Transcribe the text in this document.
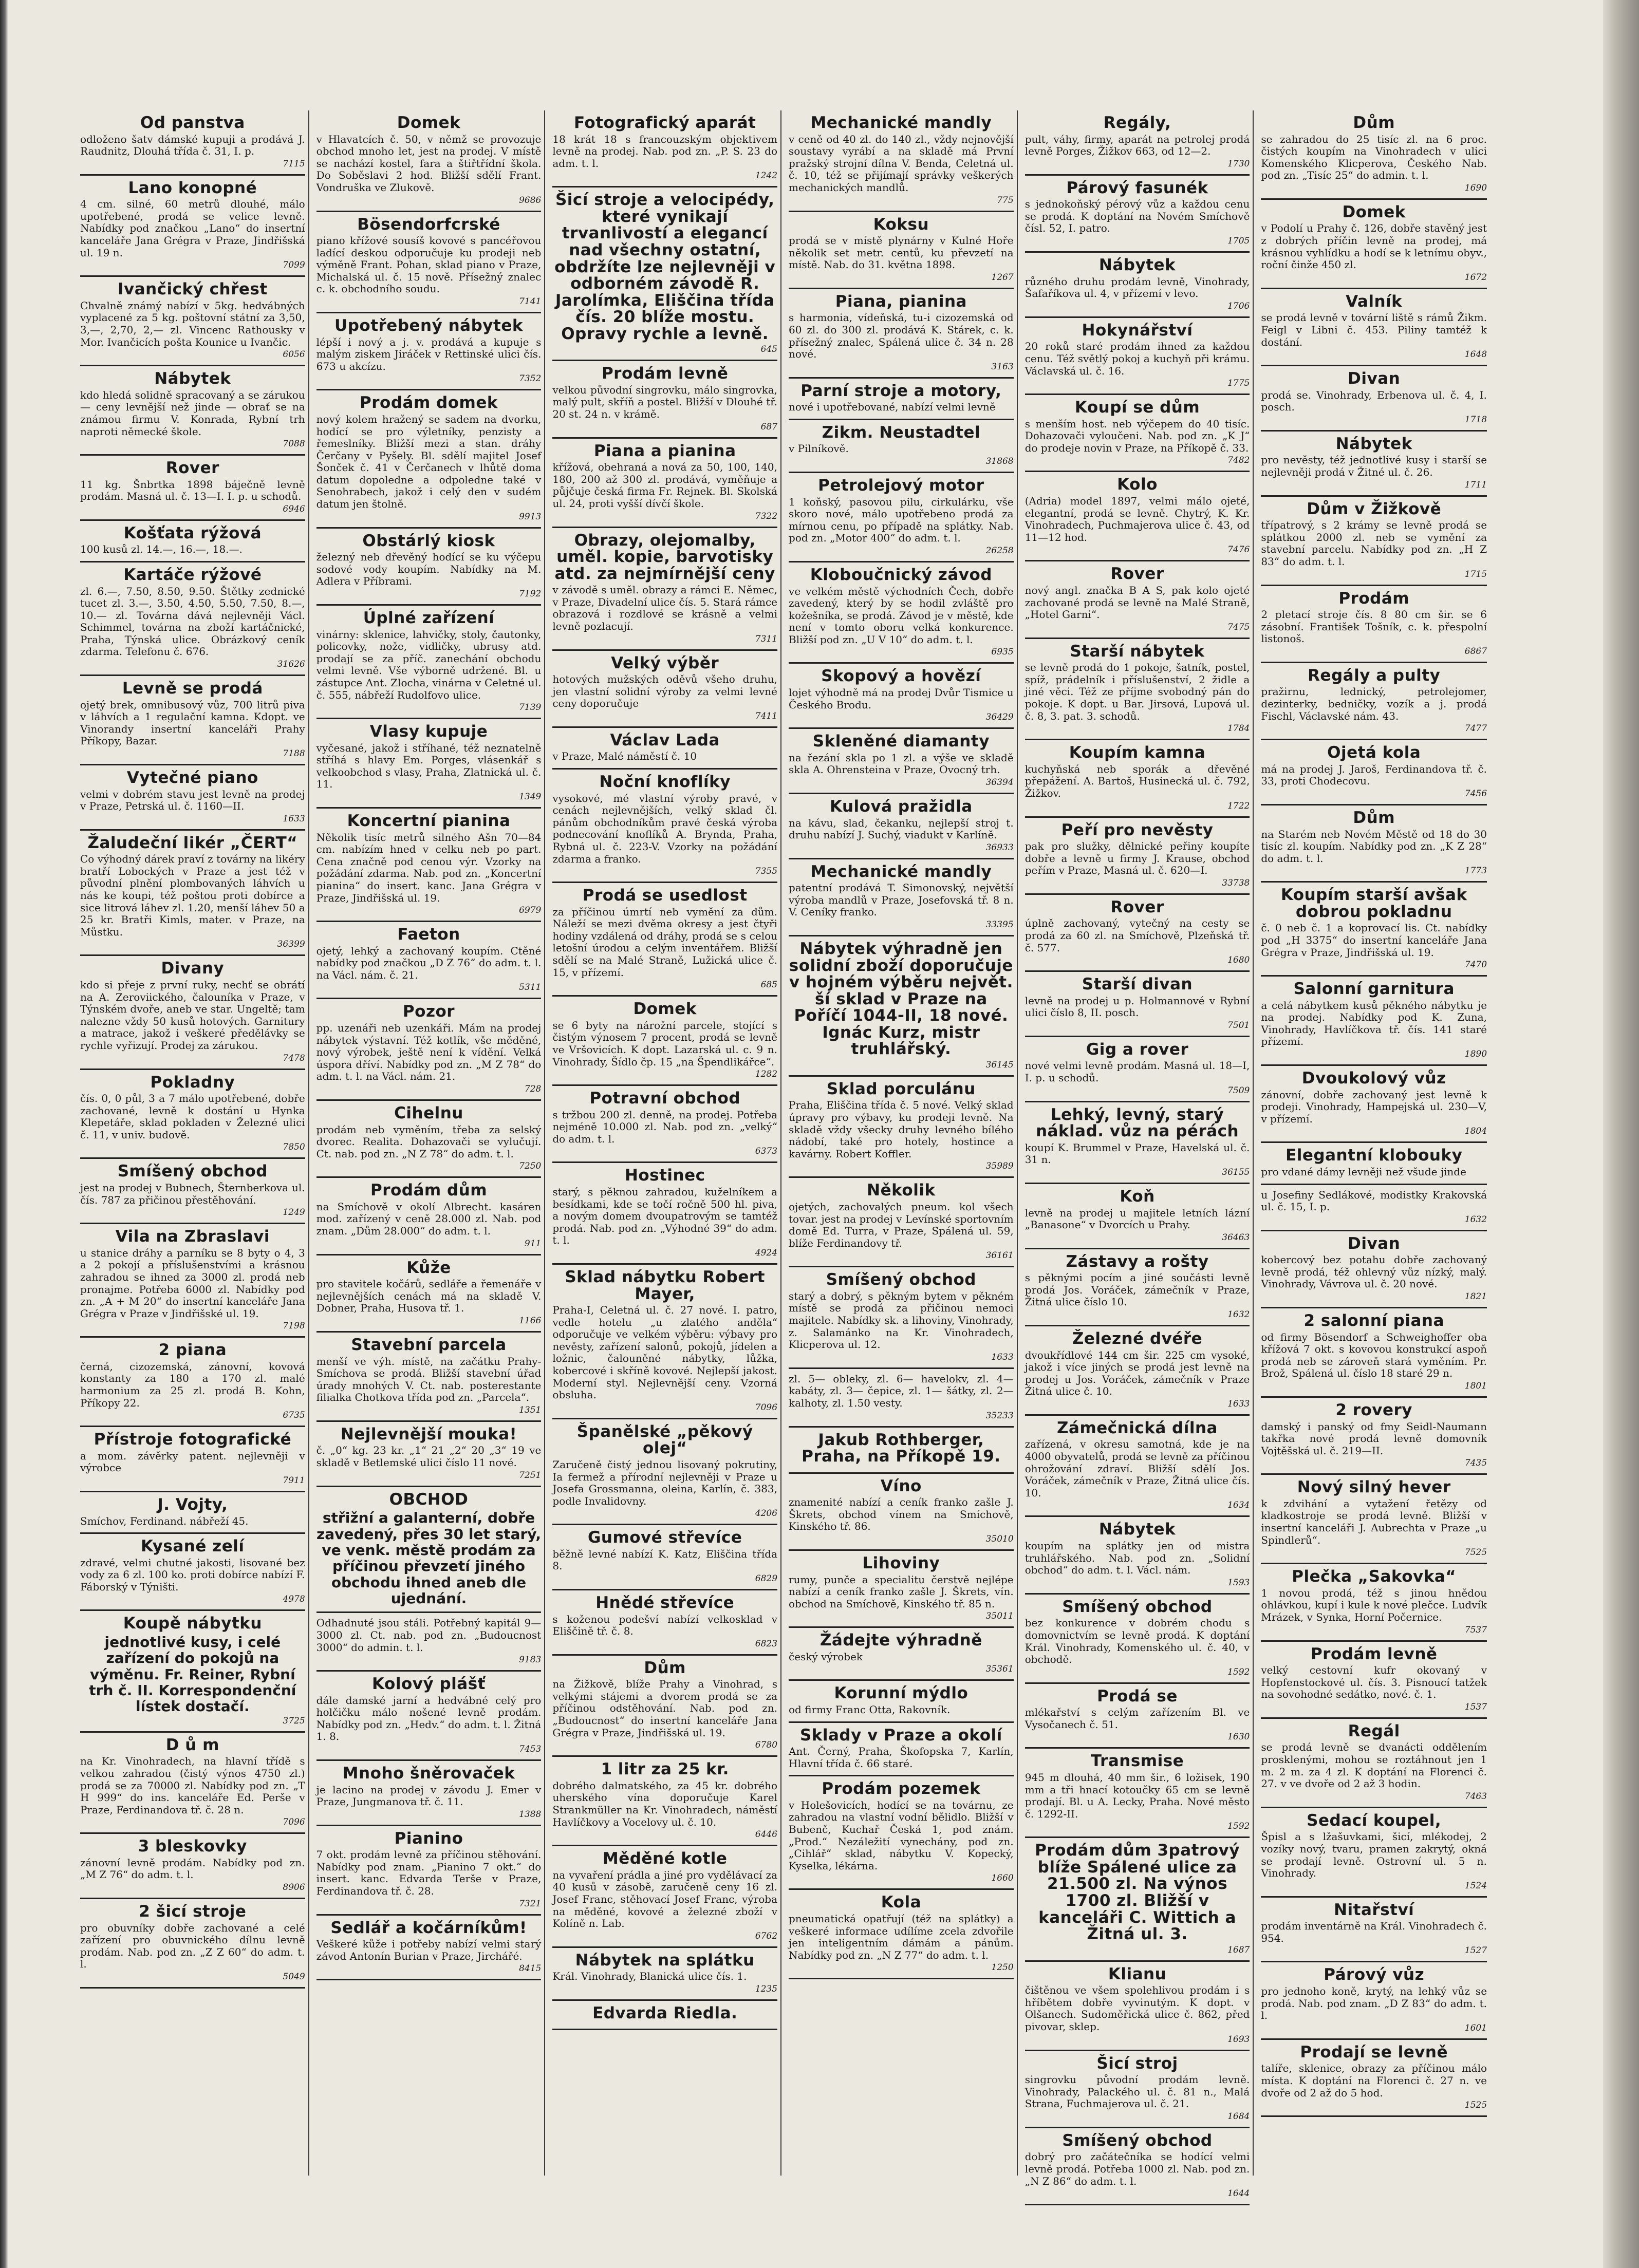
Od panstva
odloženo šatv dámské kupuji a prodává J. Raudnitz, Dlouhá třída č. 31, I. p.
7115
Lano konopné
4 cm. silné, 60 metrů dlouhé, málo upotřebené, prodá se velice levně. Nabídky pod značkou „Lano“ do insertní kanceláře Jana Grégra v Praze, Jindřišská ul. 19 n.
7099
Ivančický chřest
Chvalně známý nabízí v 5kg. hedvábných vyplacené za 5 kg. poštovní státní za 3,50, 3,—, 2,70, 2,— zl. Vincenc Rathousky v Mor. Ivančicích pošta Kounice u Ivančic.
6056
Nábytek
kdo hledá solidně spracovaný a se zárukou — ceny levnější než jinde — obrať se na známou firmu V. Konrada, Rybní trh naproti německé škole.
7088
Rover
11 kg. Šnbrtka 1898 báječně levně prodám. Masná ul. č. 13—I. I. p. u schodů.
6946
Košťata rýžová
100 kusů zl. 14.—, 16.—, 18.—.
Kartáče rýžové
zl. 6.—, 7.50, 8.50, 9.50. Štětky zednické tucet zl. 3.—, 3.50, 4.50, 5.50, 7.50, 8.—, 10.— zl. Továrna dává nejlevněji Václ. Schimmel, továrna na zboží kartáčnické, Praha, Týnská ulice. Obrázkový ceník zdarma. Telefonu č. 676.
31626
Levně se prodá
ojetý brek, omnibusový vůz, 700 litrů piva v láhvích a 1 regulační kamna. Kdopt. ve Vinorandy insertní kanceláři Prahy Příkopy, Bazar.
7188
Vytečné piano
velmi v dobrém stavu jest levně na prodej v Praze, Petrská ul. č. 1160—II.
1633
Žaludeční likér „ČERT“
Co výhodný dárek praví z továrny na likéry bratří Lobockých v Praze a jest též v původní plnění plombovaných láhvích u nás ke koupi, též poštou proti dobírce a sice litrová láhev zl. 1.20, menší láhev 50 a 25 kr. Bratři Kimls, mater. v Praze, na Můstku.
36399
Divany
kdo si přeje z první ruky, nechť se obrátí na A. Zeroviického, čalouníka v Praze, v Týnském dvoře, aneb ve star. Ungeltě; tam nalezne vždy 50 kusů hotových. Garnitury a matrace, jakož i veškeré předělávky se rychle vyřizují. Prodej za zárukou.
7478
Pokladny
čís. 0, 0 půl, 3 a 7 málo upotřebené, dobře zachované, levně k dostání u Hynka Klepetáře, sklad pokladen v Železné ulici č. 11, v univ. budově.
7850
Smíšený obchod
jest na prodej v Bubnech, Šternberkova ul. čís. 787 za přičinou přestěhování.
1249
Vila na Zbraslavi
u stanice dráhy a parníku se 8 byty o 4, 3 a 2 pokojí a příslušenstvími a krásnou zahradou se ihned za 3000 zl. prodá neb pronajme. Potřeba 6000 zl. Nabídky pod zn. „A + M 20“ do insertní kanceláře Jana Grégra v Praze v Jindřišské ul. 19.
7198
2 piana
černá, cizozemská, zánovní, kovová konstanty za 180 a 170 zl. malé harmonium za 25 zl. prodá B. Kohn, Příkopy 22.
6735
Přístroje fotografické
a mom. závěrky patent. nejlevněji v výrobce
7911
J. Vojty,
Smíchov, Ferdinand. nábřeží 45.
Kysané zelí
zdravé, velmi chutné jakosti, lisované bez vody za 6 zl. 100 ko. proti dobírce nabízí F. Fáborský v Týništi.
4978
Koupě nábytku
jednotlivé kusy, i celé zařízení do pokojů na výměnu. Fr. Reiner, Rybní trh č. II. Korrespondenční lístek dostačí.
3725
D ů m
na Kr. Vinohradech, na hlavní třídě s velkou zahradou (čistý výnos 4750 zl.) prodá se za 70000 zl. Nabídky pod zn. „T H 999“ do ins. kanceláře Ed. Perše v Praze, Ferdinandova tř. č. 28 n.
7096
3 bleskovky
zánovní levně prodám. Nabídky pod zn. „M Z 76“ do adm. t. l.
8906
2 šicí stroje
pro obuvníky dobře zachované a celé zařízení pro obuvnického dílnu levně prodám. Nab. pod zn. „Z Z 60“ do adm. t. l.
5049
Domek
v Hlavatcích č. 50, v němž se provozuje obchod mnoho let, jest na prodej. V místě se nachází kostel, fara a štiřtřídní škola. Do Soběslavi 2 hod. Bližší sdělí Frant. Vondruška ve Zlukově.
9686
Bösendorfcrské
piano křížové sousíš kovové s pancéřovou ladící deskou odporučuje ku prodeji neb výměně Frant. Pohan, sklad piano v Praze, Michalská ul. č. 15 nově. Přísežný znalec c. k. obchodního soudu.
7141
Upotřebený nábytek
lépší i nový a j. v. prodává a kupuje s malým ziskem Jiráček v Rettinské ulici čís. 673 u akcízu.
7352
Prodám domek
nový kolem hražený se sadem na dvorku, hodící se pro výletníky, penzisty a řemeslníky. Bližší mezi a stan. dráhy Čerčany v Pyšely. Bl. sdělí majitel Josef Šonček č. 41 v Čerčanech v lhůtě doma datum dopoledne a odpoledne také v Senohrabech, jakož i celý den v sudém datum jen štolně.
9913
Obstárlý kiosk
železný neb dřevěný hodící se ku výčepu sodové vody koupím. Nabídky na M. Adlera v Příbrami.
7192
Úplné zařízení
vinárny: sklenice, lahvičky, stoly, čautonky, policovky, nože, vidličky, ubrusy atd. prodají se za příč. zanechání obchodu velmi levně. Vše výborně udržené. Bl. u zástupce Ant. Zlocha, vinárna v Celetné ul. č. 555, nábřeží Rudolfovo ulice.
7139
Vlasy kupuje
vyčesané, jakož i stříhané, též neznatelně stříhá s hlavy Em. Porges, vlásenkář s velkoobchod s vlasy, Praha, Zlatnická ul. č. 11.
1349
Koncertní pianina
Několik tisíc metrů silného Ašn 70—84 cm. nabízím hned v celku neb po part. Cena značně pod cenou výr. Vzorky na požádání zdarma. Nab. pod zn. „Koncertní pianina“ do insert. kanc. Jana Grégra v Praze, Jindřišská ul. 19.
6979
Faeton
ojetý, lehký a zachovaný koupím. Ctěné nabídky pod značkou „D Z 76“ do adm. t. l. na Václ. nám. č. 21.
5311
Pozor
pp. uzenáři neb uzenkáři. Mám na prodej nábytek výstavní. Též kotlík, vše měděné, nový výrobek, ještě není k vídění. Velká úspora dříví. Nabídky pod zn. „M Z 78“ do adm. t. l. na Václ. nám. 21.
728
Cihelnu
prodám neb vyměním, třeba za selský dvorec. Realita. Dohazovači se vylučují. Ct. nab. pod zn. „N Z 78“ do adm. t. l.
7250
Prodám dům
na Smíchově v okolí Albrecht. kasáren mod. zařízený v ceně 28.000 zl. Nab. pod znam. „Dům 28.000“ do adm. t. l.
911
Kůže
pro stavitele kočárů, sedláře a řemenáře v nejlevnějších cenách má na skladě V. Dobner, Praha, Husova tř. 1.
1166
Stavební parcela
menší ve výh. místě, na začátku Prahy-Smíchova se prodá. Bližší stavební úřad úrady mnohých V. Ct. nab. posterestante filialka Chotkova třída pod zn. „Parcela“.
1351
Nejlevnější mouka!
č. „0“ kg. 23 kr. „1“ 21 „2“ 20 „3“ 19 ve skladě v Betlemské ulici číslo 11 nové.
7251
OBCHOD
střižní a galanterní, dobře zavedený, přes 30 let starý, ve venk. městě prodám za příčinou převzetí jiného obchodu ihned aneb dle ujednání.
Odhadnuté jsou stáli. Potřebný kapitál 9—3000 zl. Ct. nab. pod zn. „Budoucnost 3000“ do admin. t. l.
9183
Kolový plášť
dále damské jarní a hedvábné celý pro holčičku málo nošené levně prodám. Nabídky pod zn. „Hedv.“ do adm. t. l. Žitná 1. 8.
7453
Mnoho šněrovaček
je lacino na prodej v závodu J. Emer v Praze, Jungmanova tř. č. 11.
1388
Pianino
7 okt. prodám levně za příčinou stěhování. Nabídky pod znam. „Pianino 7 okt.“ do insert. kanc. Edvarda Terše v Praze, Ferdinandova tř. č. 28.
7321
Sedlář a kočárníkům!
Veškeré kůže i potřeby nabízí velmi starý závod Antonín Burian v Praze, Jirchářé.
8415
Fotografický aparát
18 krát 18 s francouzským objektivem levně na prodej. Nab. pod zn. „P. S. 23 do adm. t. l.
1242
Šicí stroje a velocipédy, které vynikají trvanlivostí a elegancí nad všechny ostatní, obdržíte lze nejlevněji v odborném závodě R. Jarolímka, Eliščina třída čís. 20 blíže mostu. Opravy rychle a levně.
645
Prodám levně
velkou původní singrovku, málo singrovka, malý pult, skříň a postel. Bližší v Dlouhé tř. 20 st. 24 n. v krámě.
687
Piana a pianina
křížová, obehraná a nová za 50, 100, 140, 180, 200 až 300 zl. prodává, vyměňuje a půjčuje česká firma Fr. Rejnek. Bl. Skolská ul. 24, proti vyšší dívčí škole.
7322
Obrazy, olejomalby, uměl. kopie, barvotisky atd. za nejmírnější ceny
v závodě s uměl. obrazy a rámci E. Němec, v Praze, Divadelní ulice čís. 5. Stará rámce obrazová i rozdlové se krásně a velmi levně pozlacují.
7311
Velký výběr
hotových mužských oděvů všeho druhu, jen vlastní solidní výroby za velmi levné ceny doporučuje
7411
Václav Lada
v Praze, Malé náměstí č. 10
Noční knoflíky
vysokové, mé vlastní výroby pravé, v cenách nejlevnějších, velký sklad čl. pánům obchodníkům pravé česká výroba podnecování knoflíků A. Brynda, Praha, Rybná ul. č. 223-V. Vzorky na požádání zdarma a franko.
7355
Prodá se usedlost
za příčinou úmrtí neb vymění za dům. Náleží se mezi dvěma okresy a jest čtyři hodiny vzdálená od dráhy, prodá se s celou letošní úrodou a celým inventářem. Bližší sdělí se na Malé Straně, Lužická ulice č. 15, v přízemí.
685
Domek
se 6 byty na nárožní parcele, stojící s čistým výnosem 7 procent, prodá se levně ve Vršovicích. K dopt. Lazarská ul. c. 9 n. Vinohrady, Šídlo čp. 15 „na Špendlikářce“.
1282
Potravní obchod
s tržbou 200 zl. denně, na prodej. Potřeba nejméně 10.000 zl. Nab. pod zn. „velký“ do adm. t. l.
6373
Hostinec
starý, s pěknou zahradou, kuželníkem a besídkami, kde se točí ročně 500 hl. piva, a novým domem dvoupatrovým se tamtéž prodá. Nab. pod zn. „Výhodné 39“ do adm. t. l.
4924
Sklad nábytku Robert Mayer,
Praha-I, Celetná ul. č. 27 nové. I. patro, vedle hotelu „u zlatého anděla“ odporučuje ve velkém výběru: výbavy pro nevěsty, zařízení salonů, pokojů, jídelen a ložnic, čalouněné nábytky, lůžka, kobercové i skříně kovové. Nejlepší jakost. Moderní styl. Nejlevnější ceny. Vzorná obsluha.
7096
Španělské „pěkový olej“
Zaručeně čistý jednou lisovaný pokrutiny, Ia fermež a přírodní nejlevněji v Praze u Josefa Grossmanna, oleina, Karlín, č. 383, podle Invalidovny.
4206
Gumové střevíce
běžně levné nabízí K. Katz, Eliščina třída 8.
6829
Hnědé střevíce
s koženou podešví nabízí velkosklad v Eliščině tř. č. 8.
6823
Dům
na Žižkově, blíže Prahy a Vinohrad, s velkými stájemi a dvorem prodá se za příčinou odstěhování. Nab. pod zn. „Budoucnost“ do insertní kanceláře Jana Grégra v Praze, Jindřišská ul. 19.
6780
1 litr za 25 kr.
dobrého dalmatského, za 45 kr. dobrého uherského vína doporučuje Karel Strankmüller na Kr. Vinohradech, náměstí Havlíčkovy a Vocelovy ul. č. 10.
6446
Měděné kotle
na vyvaření prádla a jiné pro vydělávací za 40 kusů v zásobě, zaručeně ceny 16 zl. Josef Franc, stěhovací Josef Franc, výroba na měděné, kovové a železné zboží v Kolíně n. Lab.
6762
Nábytek na splátku
Král. Vinohrady, Blanická ulice čís. 1.
1235
Edvarda Riedla.
Mechanické mandly
v ceně od 40 zl. do 140 zl., vždy nejnovější soustavy vyrábí a na skladě má První pražský strojní dílna V. Benda, Celetná ul. č. 10, též se přijímají správky veškerých mechanických mandlů.
775
Koksu
prodá se v místě plynárny v Kulné Hoře několik set metr. centů, ku převzetí na místě. Nab. do 31. května 1898.
1267
Piana, pianina
s harmonia, vídeňská, tu-i cizozemská od 60 zl. do 300 zl. prodává K. Stárek, c. k. přísežný znalec, Spálená ulice č. 34 n. 28 nové.
3163
Parní stroje a motory,
nové i upotřebované, nabízí velmi levně
Zikm. Neustadtel
v Pilníkově.
31868
Petrolejový motor
1 koňský, pasovou pilu, cirkulárku, vše skoro nové, málo upotřebeno prodá za mírnou cenu, po případě na splátky. Nab. pod zn. „Motor 400“ do adm. t. l.
26258
Kloboučnický závod
ve velkém městě východních Čech, dobře zavedený, který by se hodil zvláště pro kožešníka, se prodá. Závod je v městě, kde není v tomto oboru velká konkurence. Bližší pod zn. „U V 10“ do adm. t. l.
6935
Skopový a hovězí
lojet výhodně má na prodej Dvůr Tismice u Českého Brodu.
36429
Skleněné diamanty
na řezání skla po 1 zl. a výše ve skladě skla A. Ohrensteina v Praze, Ovocný trh.
36394
Kulová pražidla
na kávu, slad, čekanku, nejlepší stroj t. druhu nabízí J. Suchý, viadukt v Karlíně.
36933
Mechanické mandly
patentní prodává T. Simonovský, největší výroba mandlů v Praze, Josefovská tř. 8 n. V. Ceníky franko.
33395
Nábytek výhradně jen solidní zboží doporučuje v hojném výběru největ. ší sklad v Praze na Poříčí 1044-II, 18 nové. Ignác Kurz, mistr truhlářský.
36145
Sklad porculánu
Praha, Eliščina třída č. 5 nové. Velký sklad úpravy pro výbavy, ku prodeji levně. Na skladě vždy všecky druhy levného bílého nádobí, také pro hotely, hostince a kavárny. Robert Koffler.
35989
Několik
ojetých, zachovalých pneum. kol všech tovar. jest na prodej v Levínské sportovním domě Ed. Turra, v Praze, Spálená ul. 59, blíže Ferdinandovy tř.
36161
Smíšený obchod
starý a dobrý, s pěkným bytem v pěkném místě se prodá za přičinou nemoci majitele. Nabídky sk. a lihoviny, Vinohrady, z. Salamánko na Kr. Vinohradech, Klicperova ul. 12.
1633
zl. 5— obleky, zl. 6— havelokv, zl. 4— kabáty, zl. 3— čepice, zl. 1— šátky, zl. 2— kalhoty, zl. 1.50 vesty.
35233
Jakub Rothberger, Praha, na Příkopě 19.
Víno
znamenité nabízí a ceník franko zašle J. Škrets, obchod vínem na Smíchově, Kinského tř. 86.
35010
Lihoviny
rumy, punče a specialitu čerstvě nejlépe nabízí a ceník franko zašle J. Škrets, vín. obchod na Smíchově, Kinského tř. 85 n.
35011
Žádejte výhradně
český výrobek
35361
Korunní mýdlo
od firmy Franc Otta, Rakovník.
Sklady v Praze a okolí
Ant. Černý, Praha, Škofopska 7, Karlín, Hlavní třída č. 66 staré.
Prodám pozemek
v Holešovicích, hodící se na továrnu, ze zahradou na vlastní vodní bělidlo. Bližší v Bubenč, Kuchař Česká 1, pod znám. „Prod.“ Nezáležití vynechány, pod zn. „Cihlář“ sklad, nábytku V. Kopecký, Kyselka, lékárna.
1660
Kola
pneumatická opatřují (též na splátky) a veškeré informace udílíme zcela zdvořile jen inteligentním dámám a pánům. Nabídky pod zn. „N Z 77“ do adm. t. l.
1250
Regály,
pult, váhy, firmy, aparát na petrolej prodá levně Porges, Žižkov 663, od 12—2.
1730
Párový fasunék
s jednokoňský pérový vůz a každou cenu se prodá. K doptání na Novém Smíchově čísl. 52, I. patro.
1705
Nábytek
různého druhu prodám levně, Vinohrady, Šafaříkova ul. 4, v přízemí v levo.
1706
Hokynářství
20 roků staré prodám ihned za každou cenu. Též světlý pokoj a kuchyň při krámu. Václavská ul. č. 16.
1775
Koupí se dům
s menším host. neb výčepem do 40 tisíc. Dohazovači vyloučeni. Nab. pod zn. „K J“ do prodeje novin v Praze, na Příkopě č. 33.
7482
Kolo
(Adria) model 1897, velmi málo ojeté, elegantní, prodá se levně. Chytrý, K. Kr. Vinohradech, Puchmajerova ulice č. 43, od 11—12 hod.
7476
Rover
nový angl. značka B A S, pak kolo ojeté zachované prodá se levně na Malé Straně, „Hotel Garni“.
7475
Starší nábytek
se levně prodá do 1 pokoje, šatník, postel, spíž, prádelník i příslušenství, 2 židle a jiné věci. Též ze příjme svobodný pán do pokoje. K dopt. u Bar. Jirsová, Lupová ul. č. 8, 3. pat. 3. schodů.
1784
Koupím kamna
kuchyňská neb sporák a dřevěné přepážení. A. Bartoš, Husinecká ul. č. 792, Žižkov.
1722
Peří pro nevěsty
pak pro služky, dělnické peřiny koupíte dobře a levně u firmy J. Krause, obchod peřím v Praze, Masná ul. č. 620—I.
33738
Rover
úplně zachovaný, vytečný na cesty se prodá za 60 zl. na Smíchově, Plzeňská tř. č. 577.
1680
Starší divan
levně na prodej u p. Holmannové v Rybní ulici číslo 8, II. posch.
7501
Gig a rover
nové velmi levně prodám. Masná ul. 18—I, I. p. u schodů.
7509
Lehký, levný, starý náklad. vůz na pérách
koupí K. Brummel v Praze, Havelská ul. č. 31 n.
36155
Koň
levně na prodej u majitele letních lázní „Banasone“ v Dvorcích u Prahy.
36463
Zástavy a rošty
s pěknými pocím a jiné součásti levně prodá Jos. Voráček, zámečník v Praze, Žitná ulice číslo 10.
1632
Železné dvéře
dvoukřídlové 144 cm šir. 225 cm vysoké, jakož i více jiných se prodá jest levně na prodej u Jos. Voráček, zámečník v Praze Žitná ulice č. 10.
1633
Zámečnická dílna
zařízená, v okresu samotná, kde je na 4000 obyvatelů, prodá se levně za příčinou ohrožování zdraví. Bližší sdělí Jos. Voráček, zámečník v Praze, Žitná ulice čís. 10.
1634
Nábytek
koupím na splátky jen od mistra truhlářského. Nab. pod zn. „Solidní obchod“ do adm. t. l. Václ. nám.
1593
Smíšený obchod
bez konkurence v dobrém chodu s domovnictvím se levně prodá. K doptání Král. Vinohrady, Komenského ul. č. 40, v obchodě.
1592
Prodá se
mlékařství s celým zařízením Bl. ve Vysočanech č. 51.
1630
Transmise
945 m dlouhá, 40 mm šir., 6 ložisek, 190 mm a tři hnací kotoučky 65 cm se levně prodají. Bl. u A. Lecky, Praha. Nové město č. 1292-II.
1592
Prodám dům 3patrový blíže Spálené ulice za 21.500 zl. Na výnos 1700 zl. Bližší v kanceláři C. Wittich a Žitná ul. 3.
1687
Klianu
čištěnou ve všem spolehlivou prodám i s hříbětem dobře vyvinutým. K dopt. v Olšanech. Sudoměřická ulice č. 862, před pivovar, sklep.
1693
Šicí stroj
singrovku původní prodám levně. Vinohrady, Palackého ul. č. 81 n., Malá Strana, Fuchmajerova ul. č. 21.
1684
Smíšený obchod
dobrý pro začátečníka se hodící velmi levně prodá. Potřeba 1000 zl. Nab. pod zn. „N Z 86“ do adm. t. l.
1644
Dům
se zahradou do 25 tisíc zl. na 6 proc. čistých koupím na Vinohradech v ulici Komenského Klicperova, Českého Nab. pod zn. „Tisíc 25“ do admin. t. l.
1690
Domek
v Podolí u Prahy č. 126, dobře stavěný jest z dobrých příčin levně na prodej, má krásnou vyhlídku a hodí se k letnímu obyv., roční činže 450 zl.
1672
Valník
se prodá levně v tovární liště s rámů Žikm. Feigl v Libni č. 453. Piliny tamtéž k dostání.
1648
Divan
prodá se. Vinohrady, Erbenova ul. č. 4, I. posch.
1718
Nábytek
pro nevěsty, též jednotlivé kusy i starší se nejlevněji prodá v Žitné ul. č. 26.
1711
Dům v Žižkově
třípatrový, s 2 krámy se levně prodá se splátkou 2000 zl. neb se vymění za stavební parcelu. Nabídky pod zn. „H Z 83“ do adm. t. l.
1715
Prodám
2 pletací stroje čís. 8 80 cm šir. se 6 zásobní. František Tošník, c. k. přespolní listonoš.
6867
Regály a pulty
pražirnu, lednický, petrolejomer, dezinterky, bedničky, vozík a j. prodá Fischl, Václavské nám. 43.
7477
Ojetá kola
má na prodej J. Jaroš, Ferdinandova tř. č. 33, proti Chodecovu.
7456
Dům
na Starém neb Novém Městě od 18 do 30 tisíc zl. koupím. Nabídky pod zn. „K Z 28“ do adm. t. l.
1773
Koupím starší avšak dobrou pokladnu
č. 0 neb č. 1 a koprovací lis. Ct. nabídky pod „H 3375“ do insertní kanceláře Jana Grégra v Praze, Jindřišská ul. 19.
7470
Salonní garnitura
a celá nábytkem kusů pěkného nábytku je na prodej. Nabídky pod K. Zuna, Vinohrady, Havlíčkova tř. čís. 141 staré přízemí.
1890
Dvoukolový vůz
zánovní, dobře zachovaný jest levně k prodeji. Vinohrady, Hampejská ul. 230—V, v přízemí.
1804
Elegantní klobouky
pro vdané dámy levněji než všude jinde
u Josefiny Sedlákové, modistky Krakovská ul. č. 15, I. p.
1632
Divan
kobercový bez potahu dobře zachovaný levně prodá, též ohlevný vůz nízký, malý. Vinohrady, Vávrova ul. č. 20 nové.
1821
2 salonní piana
od firmy Bösendorf a Schweighoffer oba křížová 7 okt. s kovovou konstrukcí aspoň prodá neb se zároveň stará vyměním. Pr. Brož, Spálená ul. číslo 18 staré 29 n.
1801
2 rovery
damský i panský od fmy Seidl-Naumann takřka nové prodá levně domovník Vojtěšská ul. č. 219—II.
7435
Nový silný hever
k zdvihání a vytažení řetězy od kladkostroje se prodá levně. Bližší v insertní kanceláři J. Aubrechta v Praze „u Spindlerů“.
7525
Plečka „Sakovka“
1 novou prodá, též s jinou hnědou ohlávkou, kupí i kule k nové plečce. Ludvík Mrázek, v Synka, Horní Počernice.
7537
Prodám levně
velký cestovní kufr okovaný v Hopfenstockové ul. čís. 3. Pisnoucí tatžek na sovohodné sedátko, nové. č. 1.
1537
Regál
se prodá levně se dvanácti oddělením prosklenými, mohou se roztáhnout jen 1 m. 2 m. za 4 zl. K doptání na Florenci č. 27. v ve dvoře od 2 až 3 hodin.
7463
Sedací koupel,
Špisl a s lžašuvkami, šicí, mlékodej, 2 vozíky nový, tvaru, pramen zakrytý, okná se prodají levně. Ostrovní ul. 5 n. Vinohrady.
1524
Nitařství
prodám inventárně na Král. Vinohradech č. 954.
1527
Párový vůz
pro jednoho koně, krytý, na lehký vůz se prodá. Nab. pod znam. „D Z 83“ do adm. t. l.
1601
Prodají se levně
talíře, sklenice, obrazy za příčinou málo místa. K doptání na Florenci č. 27 n. ve dvoře od 2 až do 5 hod.
1525
